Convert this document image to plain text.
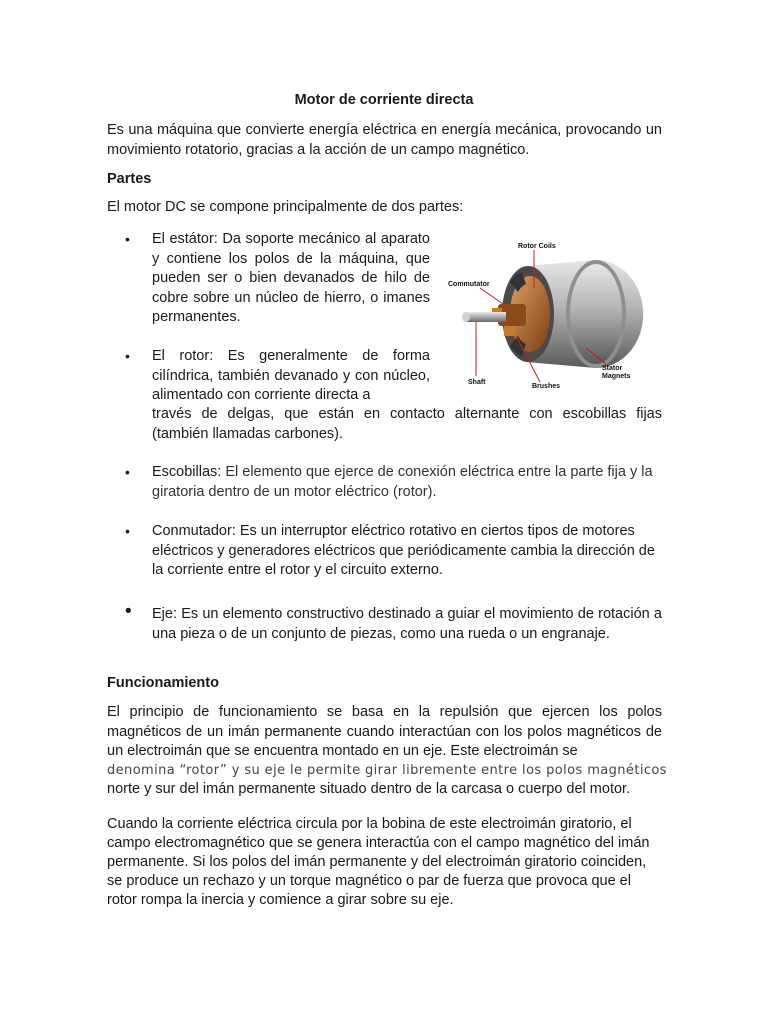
Motor de corriente directa
Es una máquina que convierte energía eléctrica en energía mecánica, provocando un movimiento rotatorio, gracias a la acción de un campo magnético.
Partes
El motor DC se compone principalmente de dos partes:
• El estátor: Da soporte mecánico al aparato y contiene los polos de la máquina, que pueden ser o bien devanados de hilo de cobre sobre un núcleo de hierro, o imanes permanentes.
• El rotor: Es generalmente de forma cilíndrica, también devanado y con núcleo, alimentado con corriente directa a
través de delgas, que están en contacto alternante con escobillas fijas (también llamadas carbones).
• Escobillas: El elemento que ejerce de conexión eléctrica entre la parte fija y la giratoria dentro de un motor eléctrico (rotor).
• Conmutador: Es un interruptor eléctrico rotativo en ciertos tipos de motores eléctricos y generadores eléctricos que periódicamente cambia la dirección de la corriente entre el rotor y el circuito externo.
• Eje: Es un elemento constructivo destinado a guiar el movimiento de rotación a una pieza o de un conjunto de piezas, como una rueda o un engranaje.
Funcionamiento
El principio de funcionamiento se basa en la repulsión que ejercen los polos magnéticos de un imán permanente cuando interactúan con los polos magnéticos de un electroimán que se encuentra montado en un eje. Este electroimán se
denomina “rotor” y su eje le permite girar libremente entre los polos magnéticos
norte y sur del imán permanente situado dentro de la carcasa o cuerpo del motor.
Cuando la corriente eléctrica circula por la bobina de este electroimán giratorio, el campo electromagnético que se genera interactúa con el campo magnético del imán permanente. Si los polos del imán permanente y del electroimán giratorio coinciden, se produce un rechazo y un torque magnético o par de fuerza que provoca que el rotor rompa la inercia y comience a girar sobre su eje.
Rotor Coils
Commutator
Shaft
Brushes
Stator
Magnets
